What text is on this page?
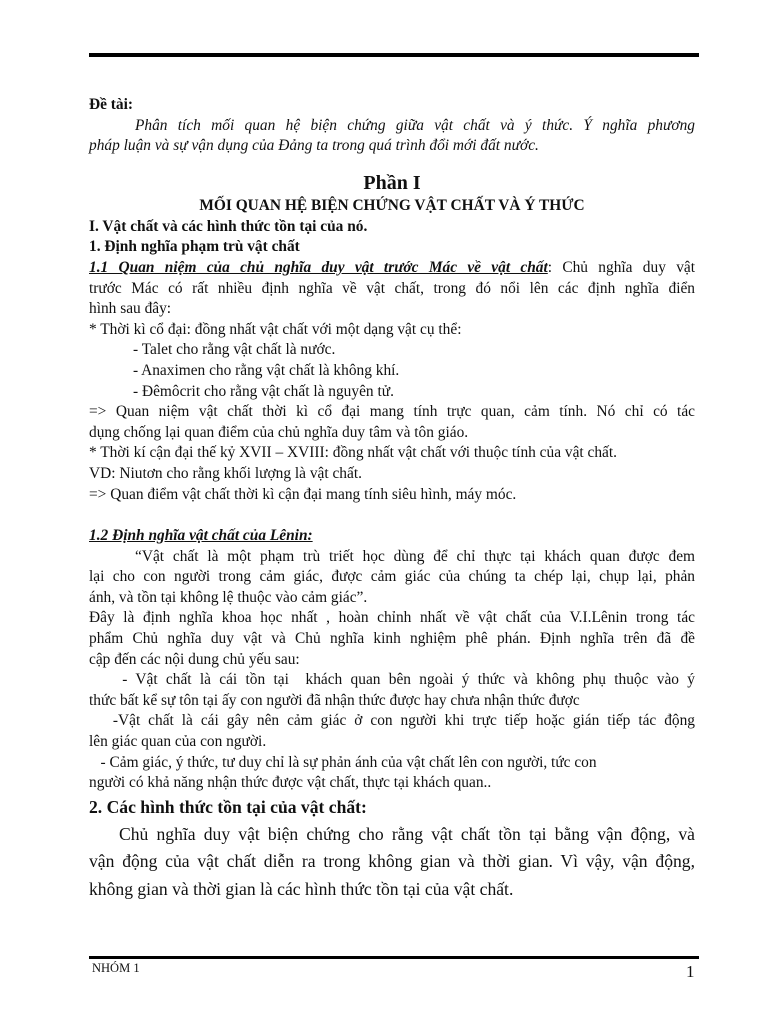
Đề tài:
Phân tích mối quan hệ biện chứng giữa vật chất và ý thức. Ý nghĩa phương
pháp luận và sự vận dụng của Đảng ta trong quá trình đổi mới đất nước.
Phần I
MỐI QUAN HỆ BIỆN CHỨNG VẬT CHẤT VÀ Ý THỨC
I. Vật chất và các hình thức tồn tại của nó.
1. Định nghĩa phạm trù vật chất
1.1 Quan niệm của chủ nghĩa duy vật trước Mác về vật chất: Chủ nghĩa duy vật
trước Mác có rất nhiều định nghĩa về vật chất, trong đó nổi lên các định nghĩa điển
hình sau đây:
* Thời kì cổ đại: đồng nhất vật chất với một dạng vật cụ thể:
- Talet cho rằng vật chất là nước.
- Anaximen cho rằng vật chất là không khí.
- Đêmôcrit cho rằng vật chất là nguyên tử.
=> Quan niệm vật chất thời kì cổ đại mang tính trực quan, cảm tính. Nó chỉ có tác
dụng chống lại quan điểm của chủ nghĩa duy tâm và tôn giáo.
* Thời kí cận đại thế kỷ XVII – XVIII: đồng nhất vật chất với thuộc tính của vật chất.
VD: Niutơn cho rằng khối lượng là vật chất.
=> Quan điểm vật chất thời kì cận đại mang tính siêu hình, máy móc.
1.2 Định nghĩa vật chất của Lênin:
“Vật chất là một phạm trù triết học dùng để chỉ thực tại khách quan được đem
lại cho con người trong cảm giác, được cảm giác của chúng ta chép lại, chụp lại, phản
ánh, và tồn tại không lệ thuộc vào cảm giác”.
Đây là định nghĩa khoa học nhất , hoàn chỉnh nhất về vật chất của V.I.Lênin trong tác
phẩm Chủ nghĩa duy vật và Chủ nghĩa kinh nghiệm phê phán. Định nghĩa trên đã đề
cập đến các nội dung chủ yếu sau:
- Vật chất là cái tồn tại  khách quan bên ngoài ý thức và không phụ thuộc vào ý
thức bất kể sự tôn tại ấy con người đã nhận thức được hay chưa nhận thức được
-Vật chất là cái gây nên cảm giác ở con người khi trực tiếp hoặc gián tiếp tác động
lên giác quan của con người.
- Cảm giác, ý thức, tư duy chỉ là sự phản ánh của vật chất lên con người, tức con
người có khả năng nhận thức được vật chất, thực tại khách quan..
2. Các hình thức tồn tại của vật chất:
Chủ nghĩa duy vật biện chứng cho rằng vật chất tồn tại bằng vận động, và
vận động của vật chất diễn ra trong không gian và thời gian. Vì vậy, vận động,
không gian và thời gian là các hình thức tồn tại của vật chất.
NHÓM 1	1
